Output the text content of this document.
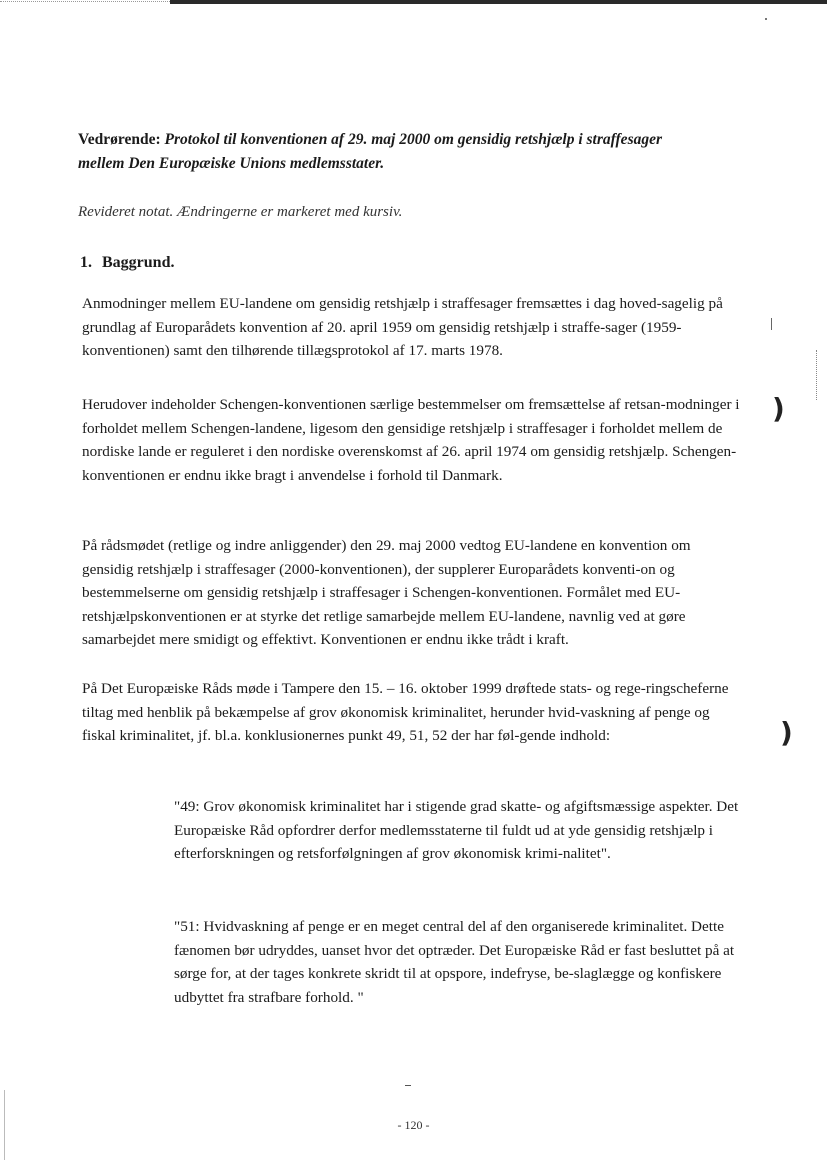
Vedrørende: Protokol til konventionen af 29. maj 2000 om gensidig retshjælp i straffesager
mellem Den Europæiske Unions medlemsstater.
Revideret notat. Ændringerne er markeret med kursiv.
1. Baggrund.

Anmodninger mellem EU-landene om gensidig retshjælp i straffesager fremsættes i dag hoved-sagelig på grundlag af Europarådets konvention af 20. april 1959 om gensidig retshjælp i straffe-sager (1959-konventionen) samt den tilhørende tillægsprotokol af 17. marts 1978.

Herudover indeholder Schengen-konventionen særlige bestemmelser om fremsættelse af retsan-modninger i forholdet mellem Schengen-landene, ligesom den gensidige retshjælp i straffesager i forholdet mellem de nordiske lande er reguleret i den nordiske overenskomst af 26. april 1974 om gensidig retshjælp. Schengen-konventionen er endnu ikke bragt i anvendelse i forhold til Danmark.

På rådsmødet (retlige og indre anliggender) den 29. maj 2000 vedtog EU-landene en konvention om gensidig retshjælp i straffesager (2000-konventionen), der supplerer Europarådets konventi-on og bestemmelserne om gensidig retshjælp i straffesager i Schengen-konventionen. Formålet med EU-retshjælpskonventionen er at styrke det retlige samarbejde mellem EU-landene, navnlig ved at gøre samarbejdet mere smidigt og effektivt. Konventionen er endnu ikke trådt i kraft.

På Det Europæiske Råds møde i Tampere den 15. – 16. oktober 1999 drøftede stats- og rege-ringscheferne tiltag med henblik på bekæmpelse af grov økonomisk kriminalitet, herunder hvid-vaskning af penge og fiskal kriminalitet, jf. bl.a. konklusionernes punkt 49, 51, 52 der har føl-gende indhold:

"49: Grov økonomisk kriminalitet har i stigende grad skatte- og afgiftsmæssige aspekter. Det Europæiske Råd opfordrer derfor medlemsstaterne til fuldt ud at yde gensidig retshjælp i efterforskningen og retsforfølgningen af grov økonomisk krimi-nalitet".

"51: Hvidvaskning af penge er en meget central del af den organiserede kriminalitet. Dette fænomen bør udryddes, uanset hvor det optræder. Det Europæiske Råd er fast besluttet på at sørge for, at der tages konkrete skridt til at opspore, indefryse, be-slaglægge og konfiskere udbyttet fra strafbare forhold. "

)
)
- 120 -
